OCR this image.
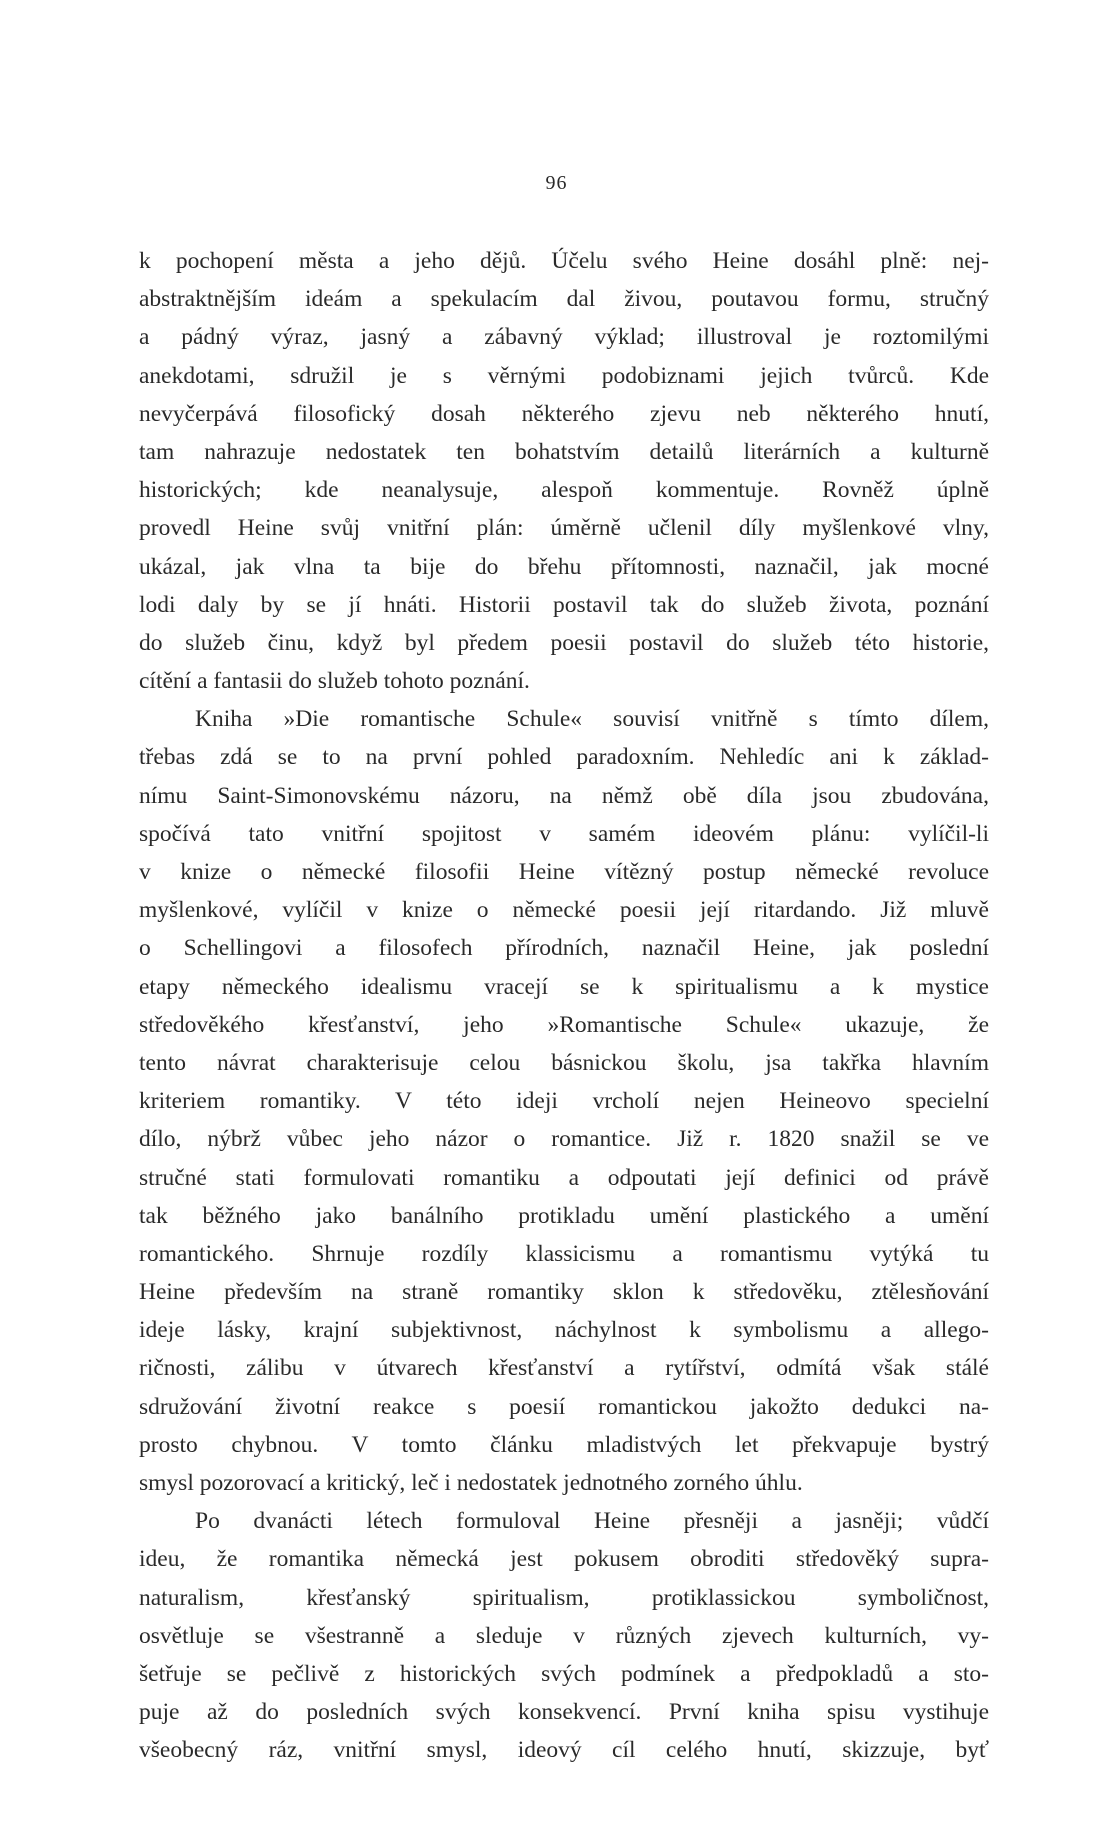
96
k pochopení města a jeho dějů. Účelu svého Heine dosáhl plně: nej-
abstraktnějším ideám a spekulacím dal živou, poutavou formu, stručný
a pádný výraz, jasný a zábavný výklad; illustroval je roztomilými
anekdotami, sdružil je s věrnými podobiznami jejich tvůrců. Kde
nevyčerpává filosofický dosah některého zjevu neb některého hnutí,
tam nahrazuje nedostatek ten bohatstvím detailů literárních a kulturně
historických; kde neanalysuje, alespoň kommentuje. Rovněž úplně
provedl Heine svůj vnitřní plán: úměrně učlenil díly myšlenkové vlny,
ukázal, jak vlna ta bije do břehu přítomnosti, naznačil, jak mocné
lodi daly by se jí hnáti. Historii postavil tak do služeb života, poznání
do služeb činu, když byl předem poesii postavil do služeb této historie,
cítění a fantasii do služeb tohoto poznání.
Kniha »Die romantische Schule« souvisí vnitřně s tímto dílem,
třebas zdá se to na první pohled paradoxním. Nehledíc ani k základ-
nímu Saint-Simonovskému názoru, na němž obě díla jsou zbudována,
spočívá tato vnitřní spojitost v samém ideovém plánu: vylíčil-li
v knize o německé filosofii Heine vítězný postup německé revoluce
myšlenkové, vylíčil v knize o německé poesii její ritardando. Již mluvě
o Schellingovi a filosofech přírodních, naznačil Heine, jak poslední
etapy německého idealismu vracejí se k spiritualismu a k mystice
středověkého křesťanství, jeho »Romantische Schule« ukazuje, že
tento návrat charakterisuje celou básnickou školu, jsa takřka hlavním
kriteriem romantiky. V této ideji vrcholí nejen Heineovo specielní
dílo, nýbrž vůbec jeho názor o romantice. Již r. 1820 snažil se ve
stručné stati formulovati romantiku a odpoutati její definici od právě
tak běžného jako banálního protikladu umění plastického a umění
romantického. Shrnuje rozdíly klassicismu a romantismu vytýká tu
Heine především na straně romantiky sklon k středověku, ztělesňování
ideje lásky, krajní subjektivnost, náchylnost k symbolismu a allego-
ričnosti, zálibu v útvarech křesťanství a rytířství, odmítá však stálé
sdružování životní reakce s poesií romantickou jakožto dedukci na-
prosto chybnou. V tomto článku mladistvých let překvapuje bystrý
smysl pozorovací a kritický, leč i nedostatek jednotného zorného úhlu.
Po dvanácti létech formuloval Heine přesněji a jasněji; vůdčí
ideu, že romantika německá jest pokusem obroditi středověký supra-
naturalism, křesťanský spiritualism, protiklassickou symboličnost,
osvětluje se všestranně a sleduje v různých zjevech kulturních, vy-
šetřuje se pečlivě z historických svých podmínek a předpokladů a sto-
puje až do posledních svých konsekvencí. První kniha spisu vystihuje
všeobecný ráz, vnitřní smysl, ideový cíl celého hnutí, skizzuje, byť
